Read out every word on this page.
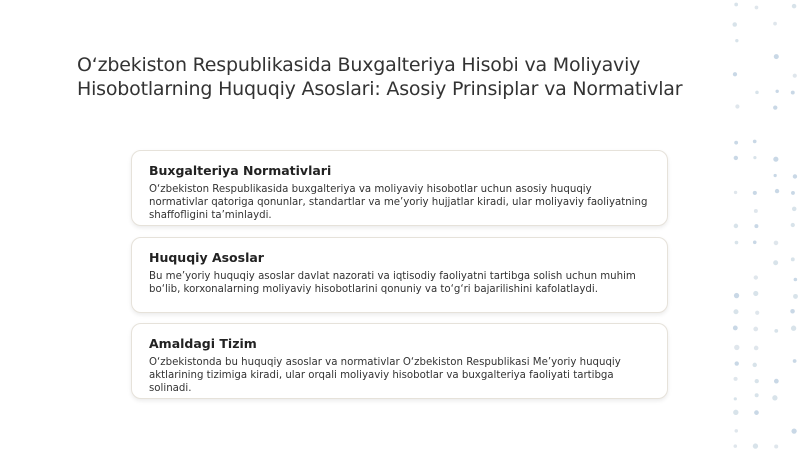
O‘zbekiston Respublikasida Buxgalteriya Hisobi va Moliyaviy Hisobotlarning Huquqiy Asoslari: Asosiy Prinsiplar va Normativlar
Buxgalteriya Normativlari

O‘zbekiston Respublikasida buxgalteriya va moliyaviy hisobotlar uchun asosiy huquqiy normativlar qatoriga qonunlar, standartlar va me’yoriy hujjatlar kiradi, ular moliyaviy faoliyatning shaffofligini ta’minlaydi.

Huquqiy Asoslar

Bu me’yoriy huquqiy asoslar davlat nazorati va iqtisodiy faoliyatni tartibga solish uchun muhim bo‘lib, korxonalarning moliyaviy hisobotlarini qonuniy va to‘g‘ri bajarilishini kafolatlaydi.

Amaldagi Tizim

O‘zbekistonda bu huquqiy asoslar va normativlar O‘zbekiston Respublikasi Me’yoriy huquqiy aktlarining tizimiga kiradi, ular orqali moliyaviy hisobotlar va buxgalteriya faoliyati tartibga solinadi.
